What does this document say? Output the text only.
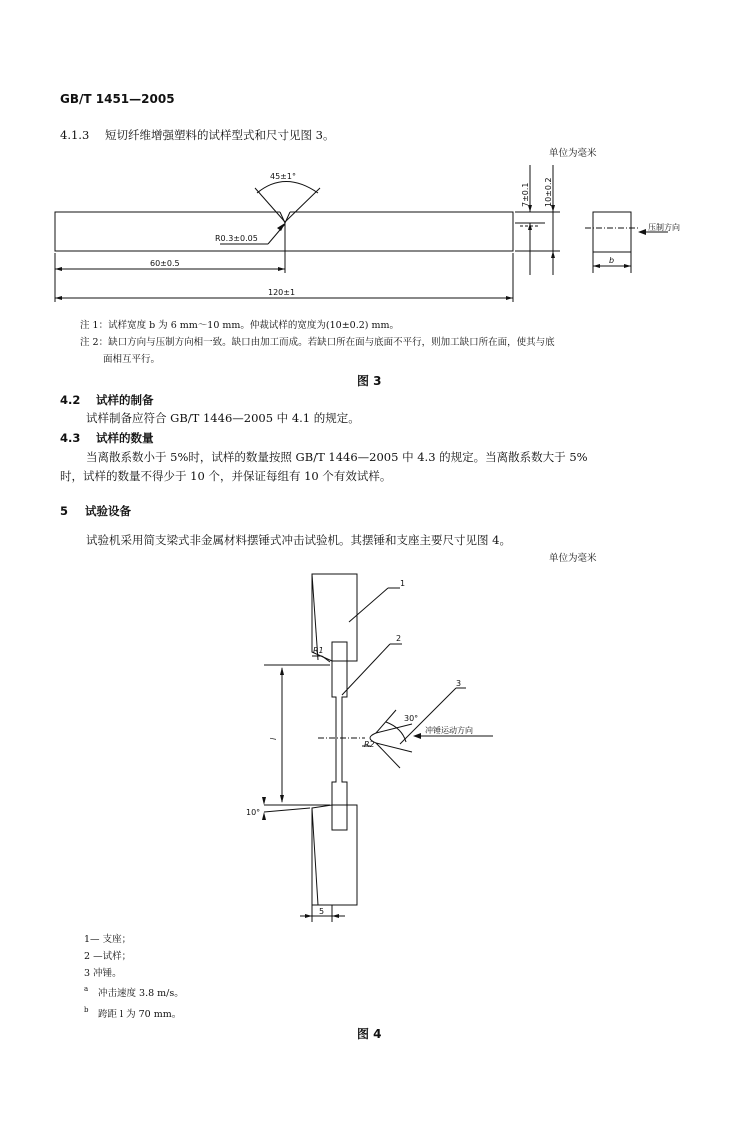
GB/T 1451—2005
4.1.3 短切纤维增强塑料的试样型式和尺寸见图 3。
单位为毫米
45±1°
R0.3±0.05
60±0.5
120±1
7±0.1 10±0.2
b
压制方向
注 1：试样宽度 b 为 6 mm～10 mm。仲裁试样的宽度为(10±0.2) mm。
注 2：缺口方向与压制方向相一致。缺口由加工而成。若缺口所在面与底面不平行，则加工缺口所在面，使其与底
面相互平行。
图 3
4.2 试样的制备
试样制备应符合 GB/T 1446—2005 中 4.1 的规定。
4.3 试样的数量
当离散系数小于 5%时，试样的数量按照 GB/T 1446—2005 中 4.3 的规定。当离散系数大于 5%
时，试样的数量不得少于 10 个，并保证每组有 10 个有效试样。
5 试验设备
试验机采用简支梁式非金属材料摆锤式冲击试验机。其摆锤和支座主要尺寸见图 4。
单位为毫米
1
2
3
R1
R2
l
30°
10°
5
冲锤运动方向
1— 支座；
2 —试样；
3 冲锤。
a 冲击速度 3.8 m/s。
b 跨距 l 为 70 mm。
图 4
